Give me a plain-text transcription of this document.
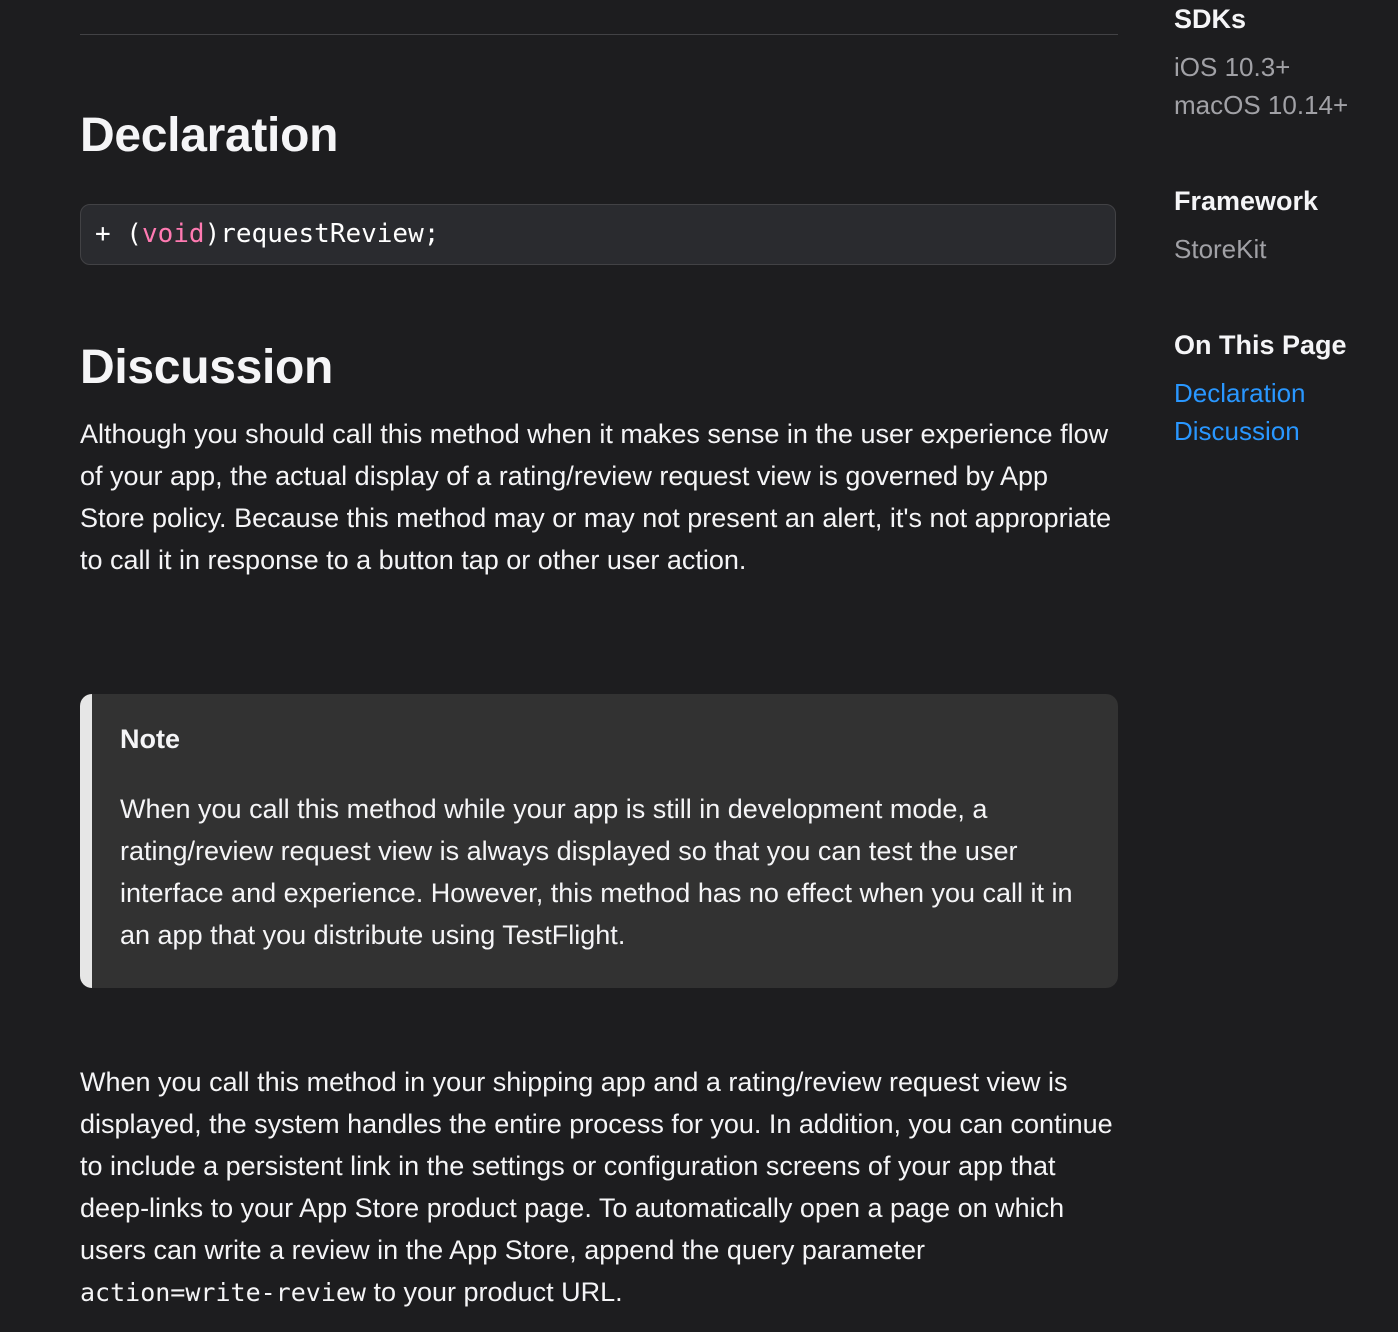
Declaration
+ (void)requestReview;
Discussion

Although you should call this method when it makes sense in the user experience flow of your app, the actual display of a rating/review request view is governed by App Store policy. Because this method may or may not present an alert, it's not appropriate to call it in response to a button tap or other user action.

Note
When you call this method while your app is still in development mode, a rating/review request view is always displayed so that you can test the user interface and experience. However, this method has no effect when you call it in an app that you distribute using TestFlight.

When you call this method in your shipping app and a rating/review request view is displayed, the system handles the entire process for you. In addition, you can continue to include a persistent link in the settings or configuration screens of your app that deep-links to your App Store product page. To automatically open a page on which users can write a review in the App Store, append the query parameter action=write-review to your product URL.

SDKs
iOS 10.3+
macOS 10.14+
Framework
StoreKit
On This Page
Declaration
Discussion
